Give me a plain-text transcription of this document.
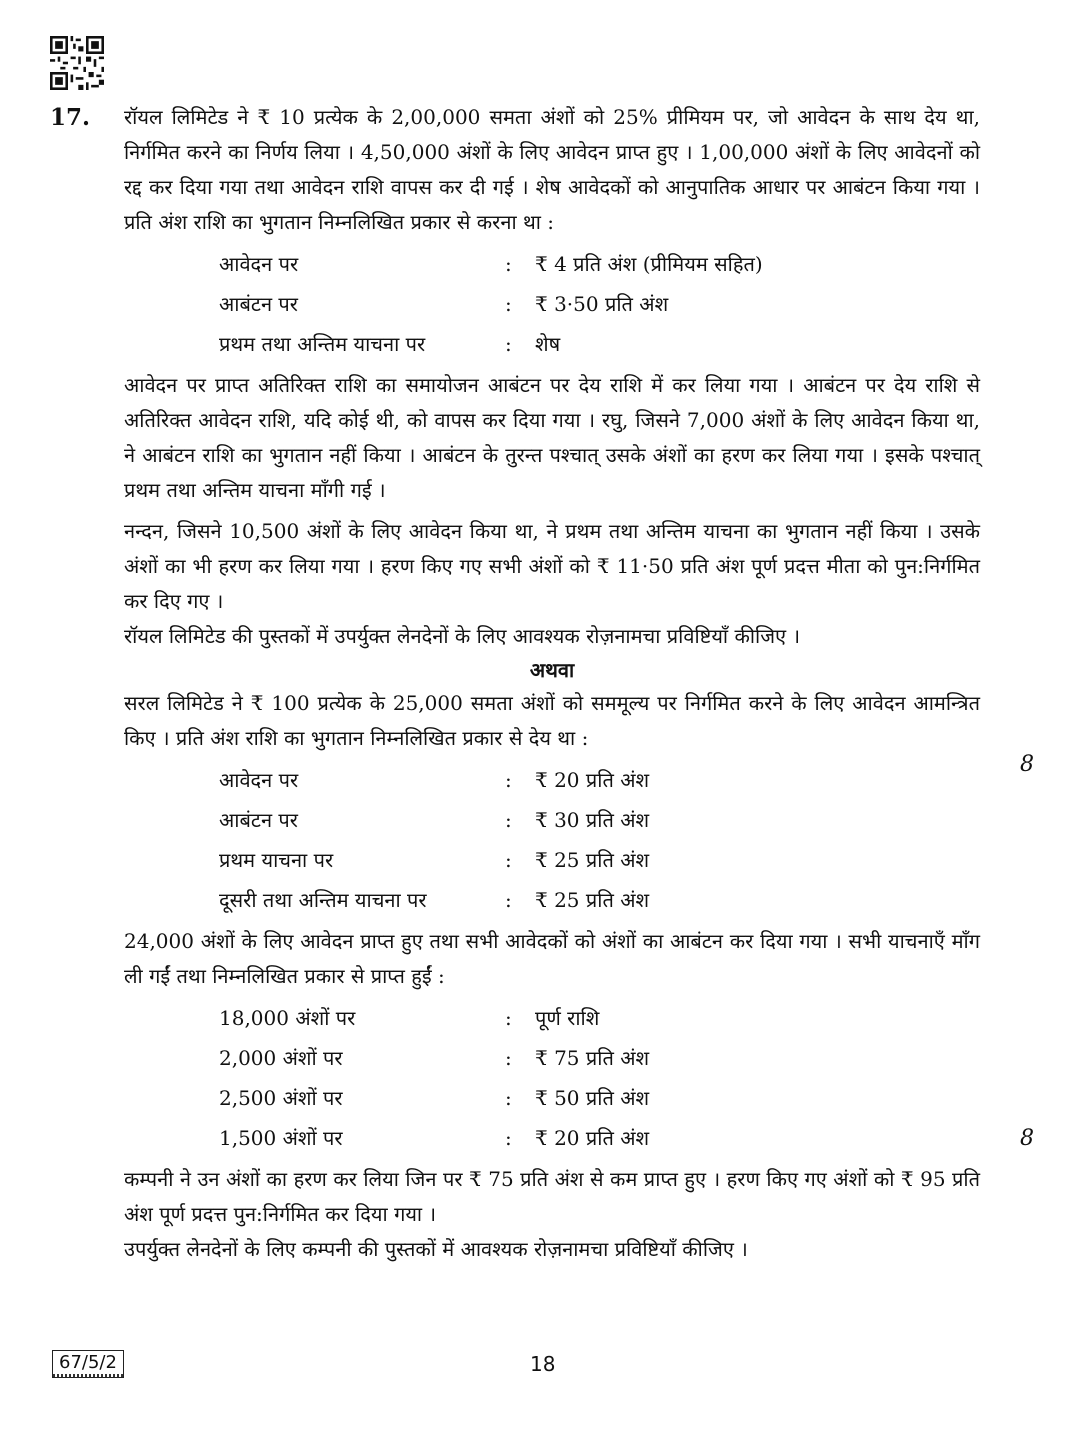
17. रॉयल लिमिटेड ने ₹ 10 प्रत्येक के 2,00,000 समता अंशों को 25% प्रीमियम पर, जो आवेदन के साथ देय था, निर्गमित करने का निर्णय लिया । 4,50,000 अंशों के लिए आवेदन प्राप्त हुए । 1,00,000 अंशों के लिए आवेदनों को रद्द कर दिया गया तथा आवेदन राशि वापस कर दी गई । शेष आवेदकों को आनुपातिक आधार पर आबंटन किया गया । प्रति अंश राशि का भुगतान निम्नलिखित प्रकार से करना था :

आवेदन पर	:	₹ 4 प्रति अंश (प्रीमियम सहित)
आबंटन पर	:	₹ 3·50 प्रति अंश
प्रथम तथा अन्तिम याचना पर	:	शेष

आवेदन पर प्राप्त अतिरिक्त राशि का समायोजन आबंटन पर देय राशि में कर लिया गया । आबंटन पर देय राशि से अतिरिक्त आवेदन राशि, यदि कोई थी, को वापस कर दिया गया । रघु, जिसने 7,000 अंशों के लिए आवेदन किया था, ने आबंटन राशि का भुगतान नहीं किया । आबंटन के तुरन्त पश्चात् उसके अंशों का हरण कर लिया गया । इसके पश्चात् प्रथम तथा अन्तिम याचना माँगी गई ।

नन्दन, जिसने 10,500 अंशों के लिए आवेदन किया था, ने प्रथम तथा अन्तिम याचना का भुगतान नहीं किया । उसके अंशों का भी हरण कर लिया गया । हरण किए गए सभी अंशों को ₹ 11·50 प्रति अंश पूर्ण प्रदत्त मीता को पुन:निर्गमित कर दिए गए ।

रॉयल लिमिटेड की पुस्तकों में उपर्युक्त लेनदेनों के लिए आवश्यक रोज़नामचा प्रविष्टियाँ कीजिए ।

अथवा

सरल लिमिटेड ने ₹ 100 प्रत्येक के 25,000 समता अंशों को सममूल्य पर निर्गमित करने के लिए आवेदन आमन्त्रित किए । प्रति अंश राशि का भुगतान निम्नलिखित प्रकार से देय था :

आवेदन पर	:	₹ 20 प्रति अंश
आबंटन पर	:	₹ 30 प्रति अंश
प्रथम याचना पर	:	₹ 25 प्रति अंश
दूसरी तथा अन्तिम याचना पर	:	₹ 25 प्रति अंश

24,000 अंशों के लिए आवेदन प्राप्त हुए तथा सभी आवेदकों को अंशों का आबंटन कर दिया गया । सभी याचनाएँ माँग ली गईं तथा निम्नलिखित प्रकार से प्राप्त हुईं :

18,000 अंशों पर	:	पूर्ण राशि
2,000 अंशों पर	:	₹ 75 प्रति अंश
2,500 अंशों पर	:	₹ 50 प्रति अंश
1,500 अंशों पर	:	₹ 20 प्रति अंश

कम्पनी ने उन अंशों का हरण कर लिया जिन पर ₹ 75 प्रति अंश से कम प्राप्त हुए । हरण किए गए अंशों को ₹ 95 प्रति अंश पूर्ण प्रदत्त पुन:निर्गमित कर दिया गया ।

उपर्युक्त लेनदेनों के लिए कम्पनी की पुस्तकों में आवश्यक रोज़नामचा प्रविष्टियाँ कीजिए ।

8
8
67/5/2	18
